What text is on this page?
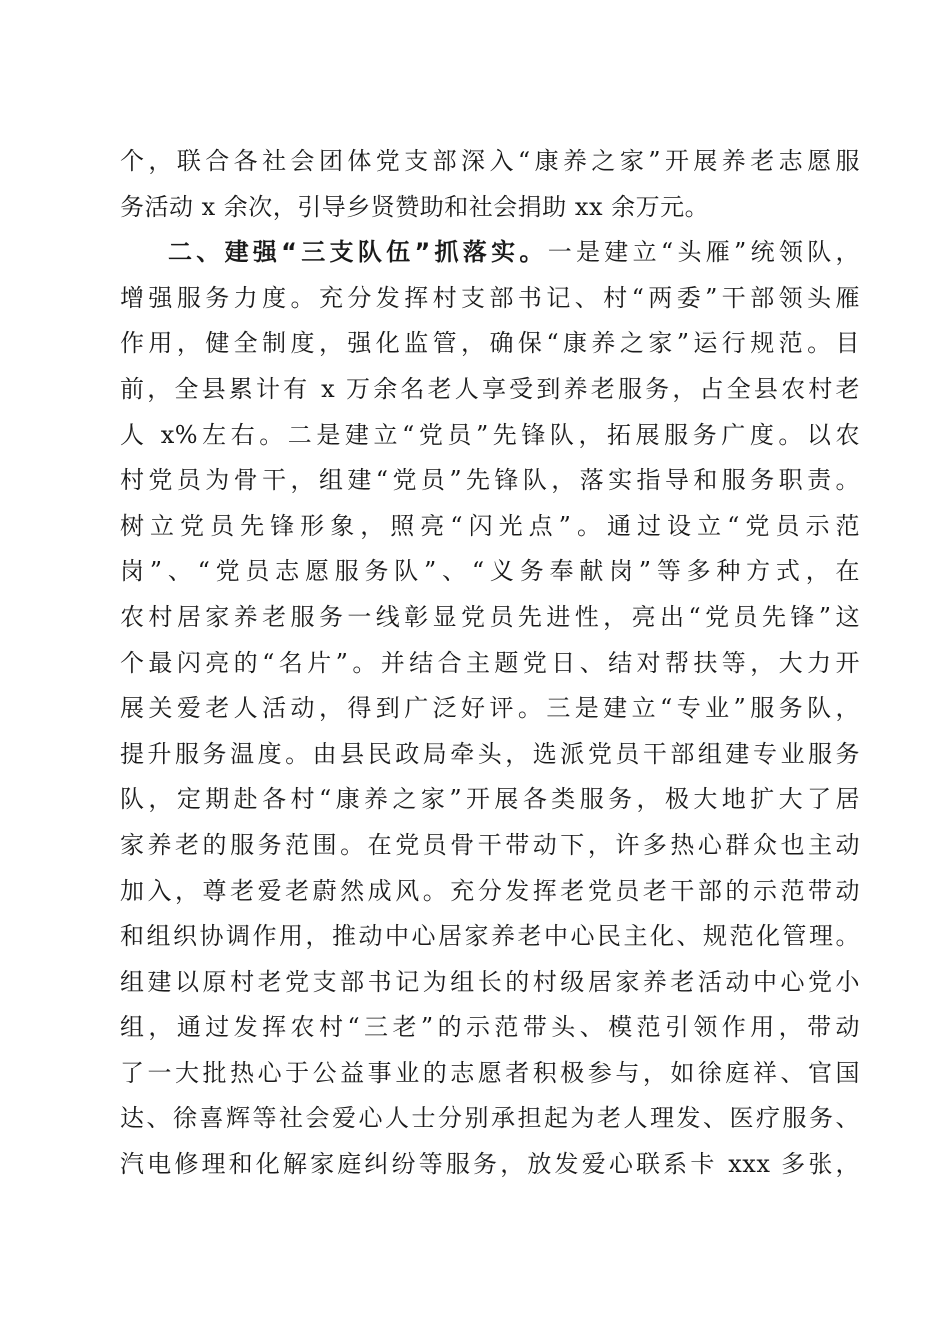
个，联合各社会团体党支部深入“康养之家”开展养老志愿服
务活动 x 余次，引导乡贤赞助和社会捐助 xx 余万元。
二、建强“三支队伍”抓落实。一是建立“头雁”统领队，
增强服务力度。充分发挥村支部书记、村“两委”干部领头雁
作用，健全制度，强化监管，确保“康养之家”运行规范。目
前，全县累计有 x 万余名老人享受到养老服务，占全县农村老
人 x%左右。二是建立“党员”先锋队，拓展服务广度。以农
村党员为骨干，组建“党员”先锋队，落实指导和服务职责。
树立党员先锋形象，照亮“闪光点”。通过设立“党员示范
岗”、“党员志愿服务队”、“义务奉献岗”等多种方式，在
农村居家养老服务一线彰显党员先进性，亮出“党员先锋”这
个最闪亮的“名片”。并结合主题党日、结对帮扶等，大力开
展关爱老人活动，得到广泛好评。三是建立“专业”服务队，
提升服务温度。由县民政局牵头，选派党员干部组建专业服务
队，定期赴各村“康养之家”开展各类服务，极大地扩大了居
家养老的服务范围。在党员骨干带动下，许多热心群众也主动
加入，尊老爱老蔚然成风。充分发挥老党员老干部的示范带动
和组织协调作用，推动中心居家养老中心民主化、规范化管理。
组建以原村老党支部书记为组长的村级居家养老活动中心党小
组，通过发挥农村“三老”的示范带头、模范引领作用，带动
了一大批热心于公益事业的志愿者积极参与，如徐庭祥、官国
达、徐喜辉等社会爱心人士分别承担起为老人理发、医疗服务、
汽电修理和化解家庭纠纷等服务，放发爱心联系卡 xxx 多张，
